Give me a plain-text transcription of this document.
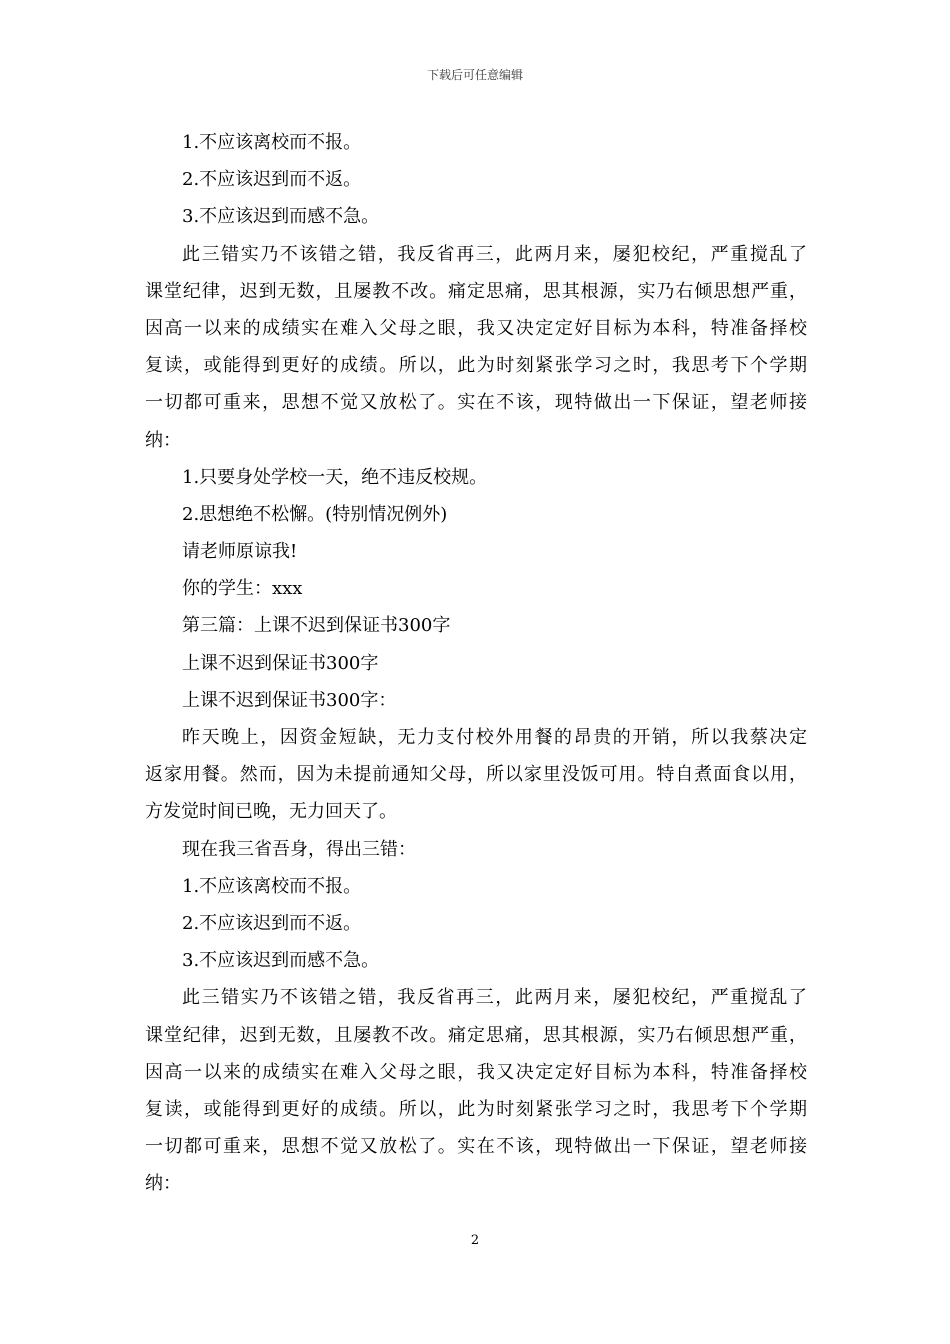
下载后可任意编辑
1.不应该离校而不报。
2.不应该迟到而不返。
3.不应该迟到而感不急。
此三错实乃不该错之错，我反省再三，此两月来，屡犯校纪，严重搅乱了
课堂纪律，迟到无数，且屡教不改。痛定思痛，思其根源，实乃右倾思想严重，
因高一以来的成绩实在难入父母之眼，我又决定定好目标为本科，特准备择校
复读，或能得到更好的成绩。所以，此为时刻紧张学习之时，我思考下个学期
一切都可重来，思想不觉又放松了。实在不该，现特做出一下保证，望老师接
纳：
1.只要身处学校一天，绝不违反校规。
2.思想绝不松懈。(特别情况例外)
请老师原谅我!
你的学生：xxx
第三篇：上课不迟到保证书300字
上课不迟到保证书300字
上课不迟到保证书300字：
昨天晚上，因资金短缺，无力支付校外用餐的昂贵的开销，所以我蔡决定
返家用餐。然而，因为未提前通知父母，所以家里没饭可用。特自煮面食以用，
方发觉时间已晚，无力回天了。
现在我三省吾身，得出三错：
1.不应该离校而不报。
2.不应该迟到而不返。
3.不应该迟到而感不急。
此三错实乃不该错之错，我反省再三，此两月来，屡犯校纪，严重搅乱了
课堂纪律，迟到无数，且屡教不改。痛定思痛，思其根源，实乃右倾思想严重，
因高一以来的成绩实在难入父母之眼，我又决定定好目标为本科，特准备择校
复读，或能得到更好的成绩。所以，此为时刻紧张学习之时，我思考下个学期
一切都可重来，思想不觉又放松了。实在不该，现特做出一下保证，望老师接
纳：
2
